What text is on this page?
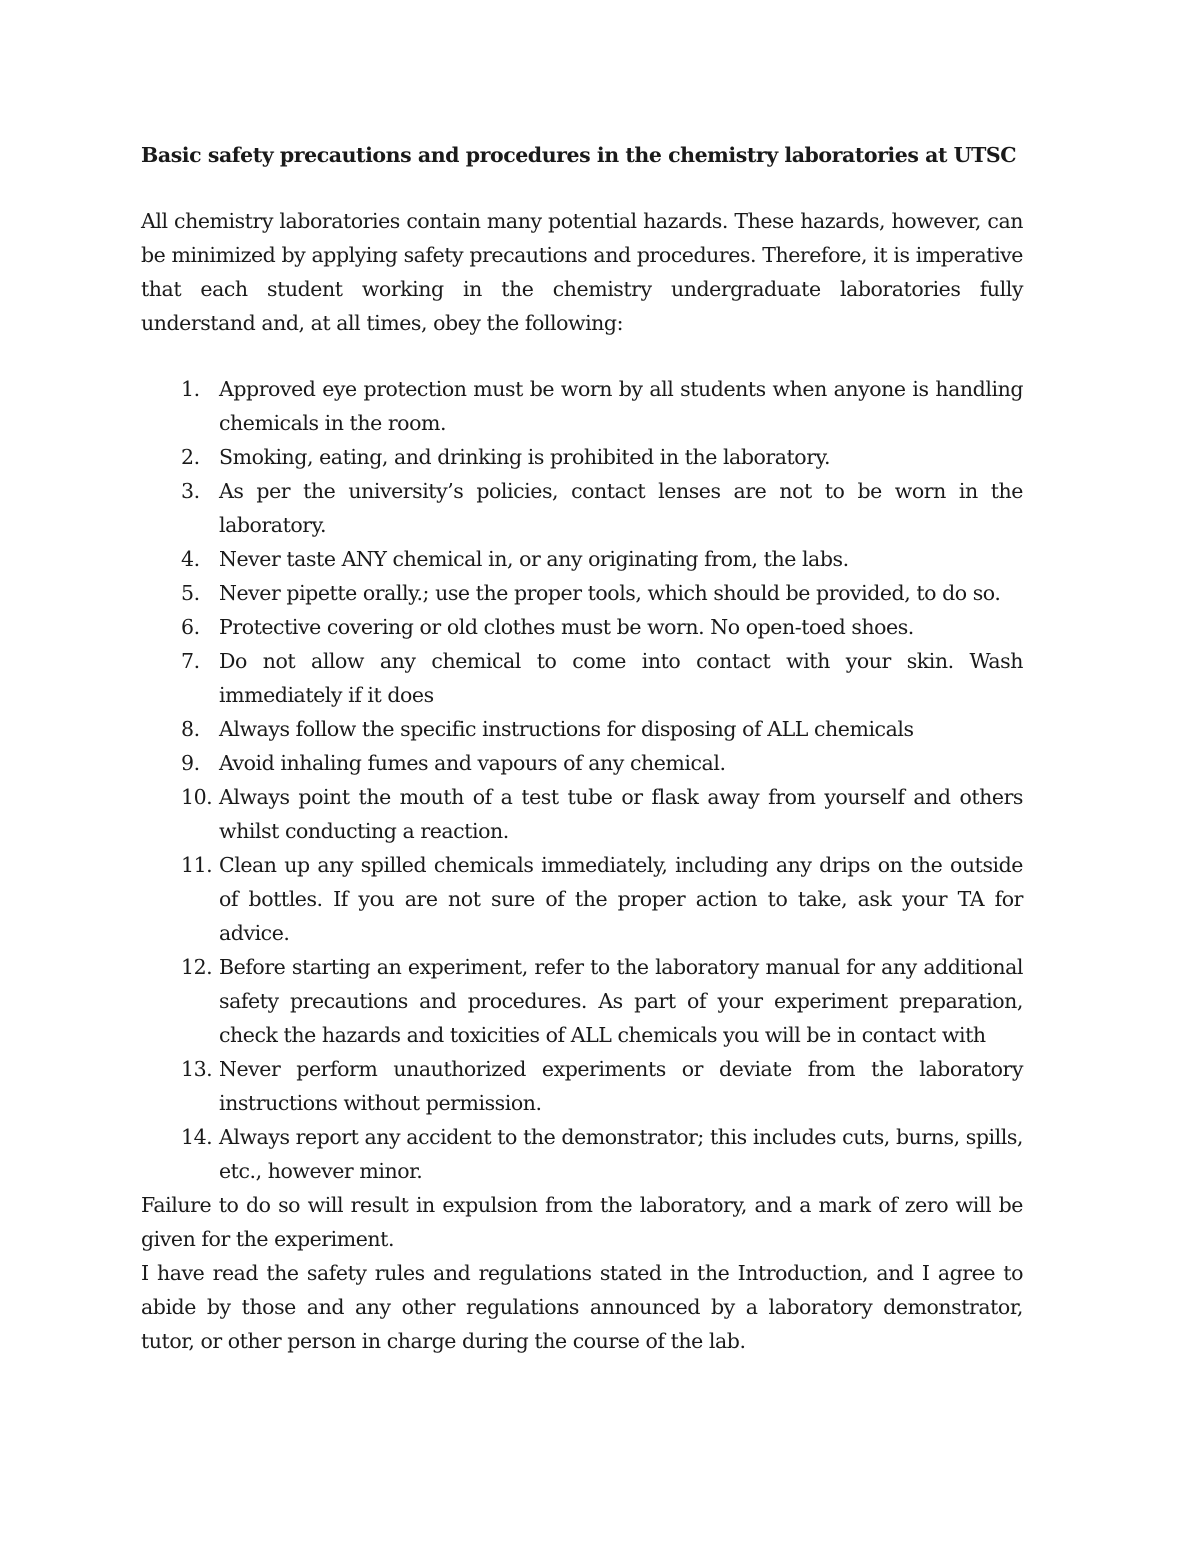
Basic safety precautions and procedures in the chemistry laboratories at UTSC

All chemistry laboratories contain many potential hazards. These hazards, however, can be minimized by applying safety precautions and procedures. Therefore, it is imperative that each student working in the chemistry undergraduate laboratories fully understand and, at all times, obey the following:

1. Approved eye protection must be worn by all students when anyone is handling chemicals in the room.
2. Smoking, eating, and drinking is prohibited in the laboratory.
3. As per the university’s policies, contact lenses are not to be worn in the laboratory.
4. Never taste ANY chemical in, or any originating from, the labs.
5. Never pipette orally.; use the proper tools, which should be provided, to do so.
6. Protective covering or old clothes must be worn. No open-toed shoes.
7. Do not allow any chemical to come into contact with your skin. Wash immediately if it does
8. Always follow the specific instructions for disposing of ALL chemicals
9. Avoid inhaling fumes and vapours of any chemical.
10. Always point the mouth of a test tube or flask away from yourself and others whilst conducting a reaction.
11. Clean up any spilled chemicals immediately, including any drips on the outside of bottles. If you are not sure of the proper action to take, ask your TA for advice.
12. Before starting an experiment, refer to the laboratory manual for any additional safety precautions and procedures. As part of your experiment preparation, check the hazards and toxicities of ALL chemicals you will be in contact with
13. Never perform unauthorized experiments or deviate from the laboratory instructions without permission.
14. Always report any accident to the demonstrator; this includes cuts, burns, spills, etc., however minor.

Failure to do so will result in expulsion from the laboratory, and a mark of zero will be given for the experiment.

I have read the safety rules and regulations stated in the Introduction, and I agree to abide by those and any other regulations announced by a laboratory demonstrator, tutor, or other person in charge during the course of the lab.
